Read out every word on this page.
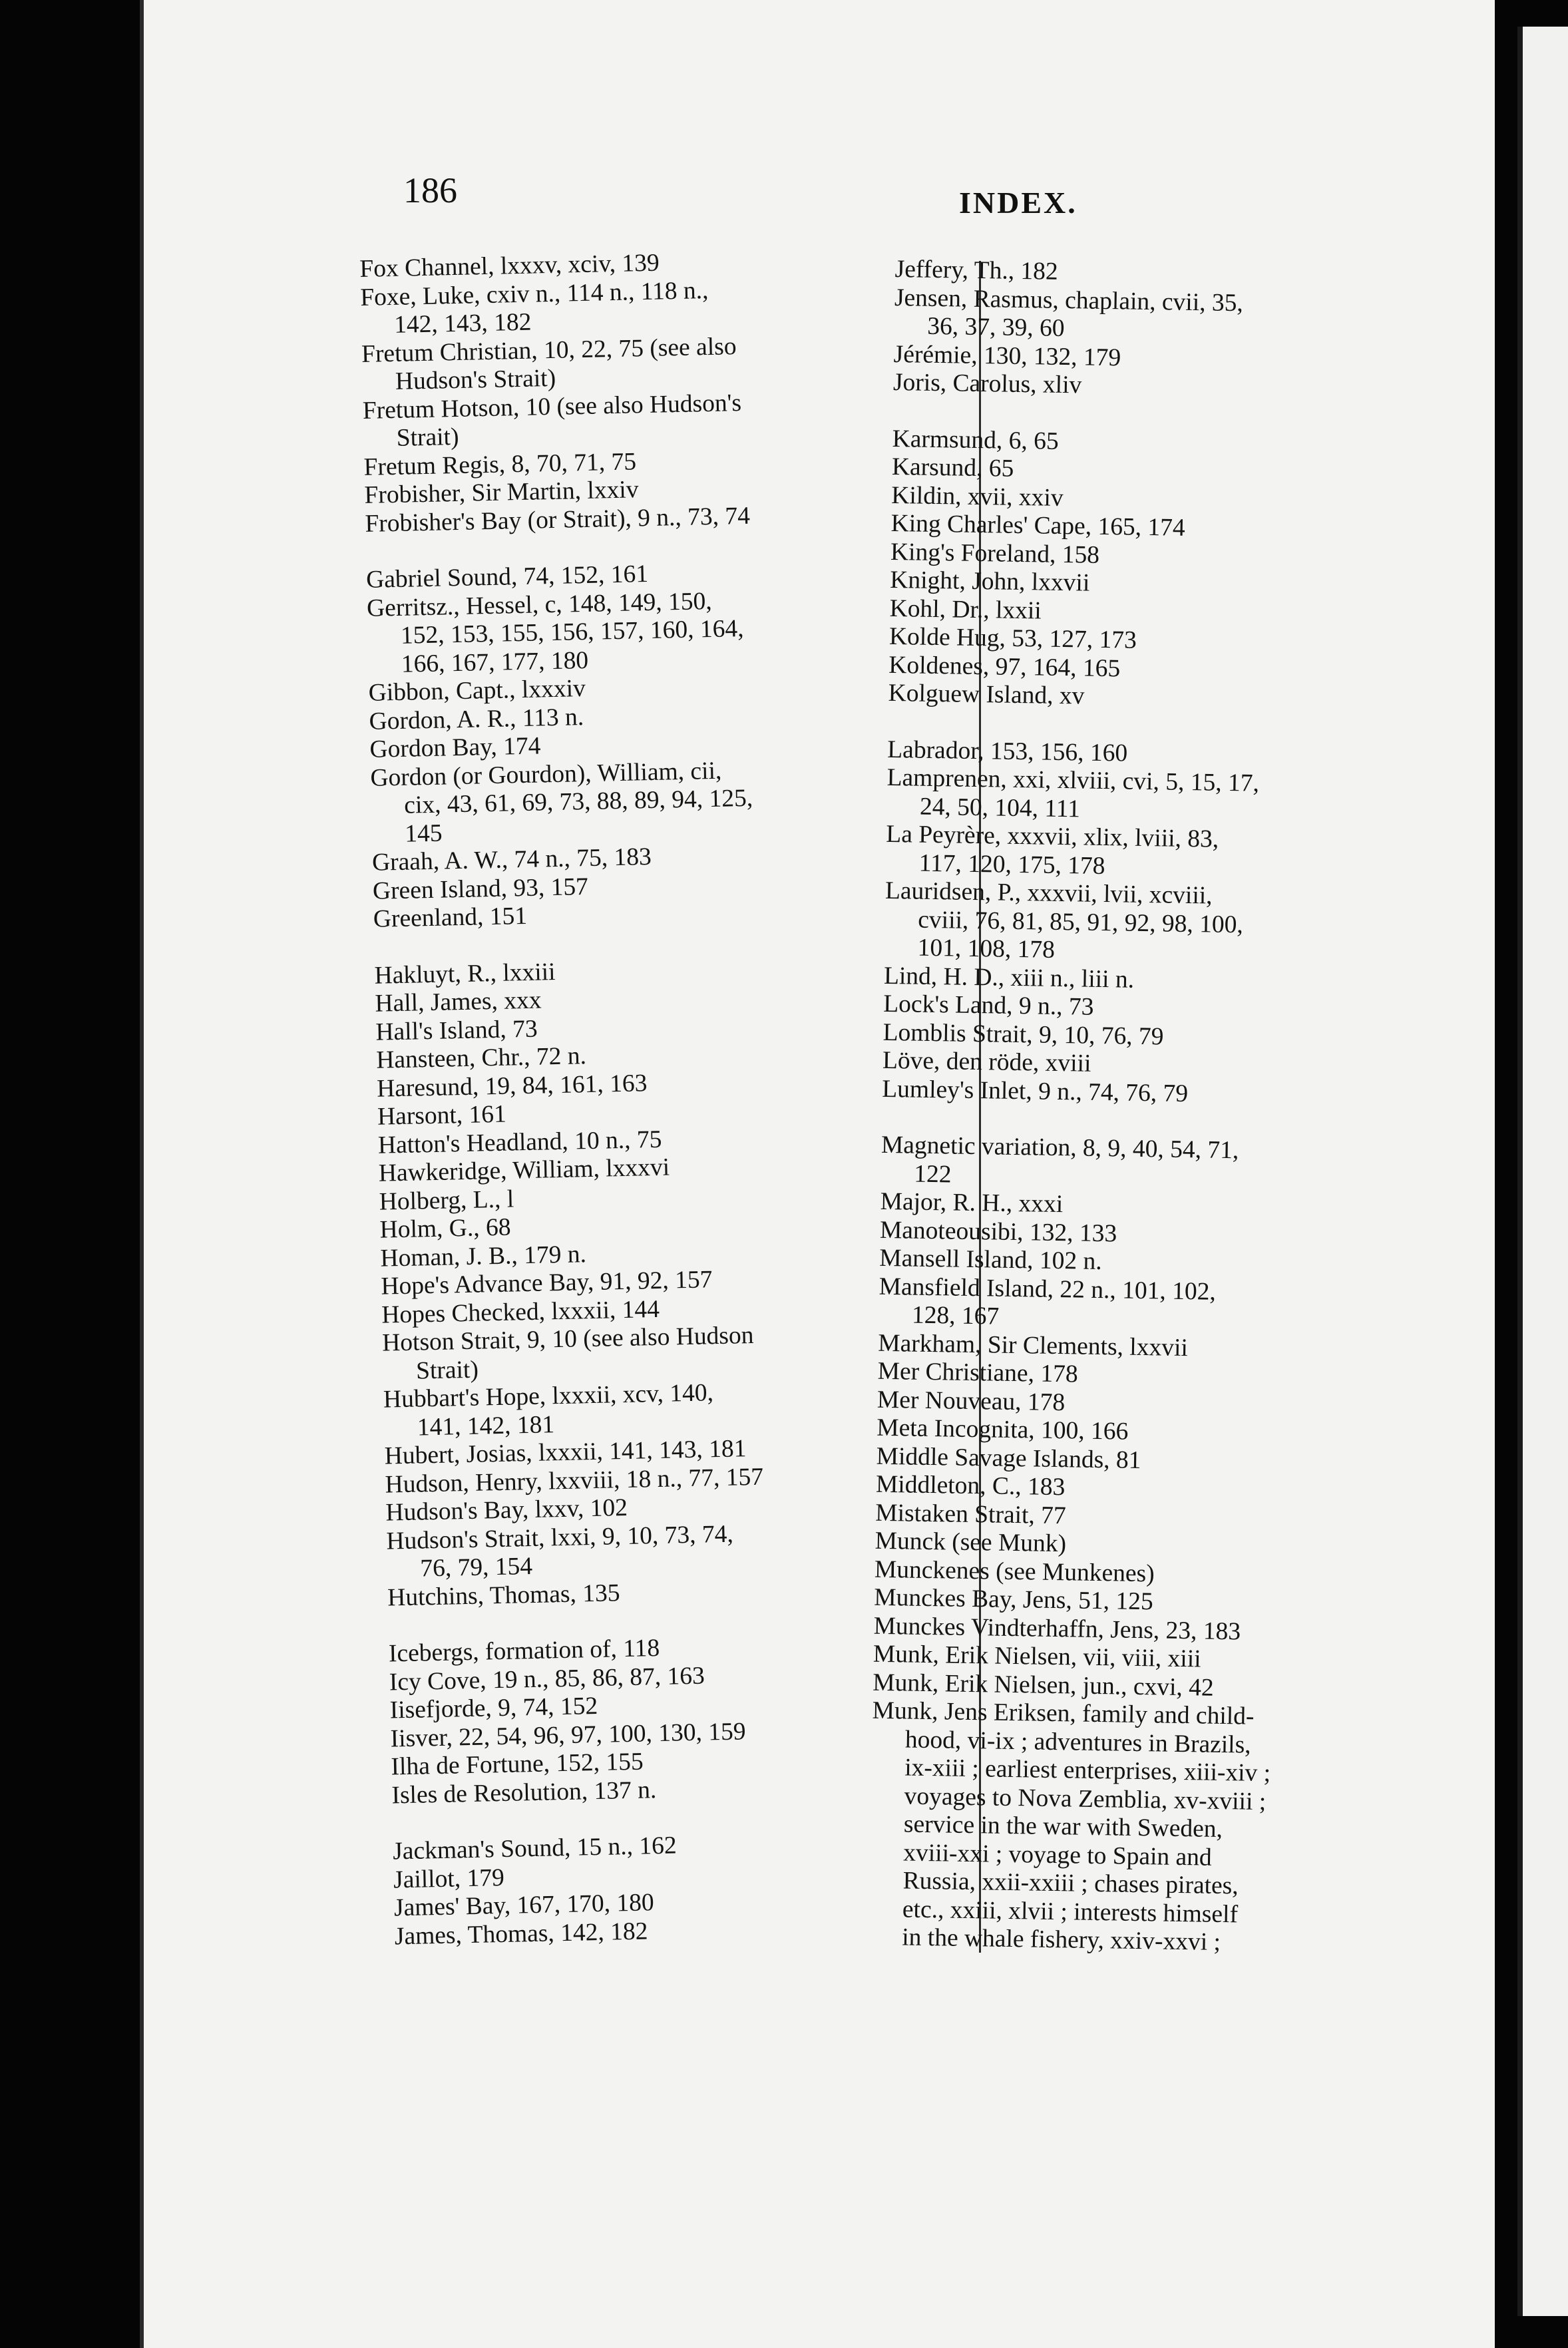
186	INDEX.
Fox Channel, lxxxv, xciv, 139
Foxe, Luke, cxiv n., 114 n., 118 n.,
142, 143, 182
Fretum Christian, 10, 22, 75 (see also
Hudson's Strait)
Fretum Hotson, 10 (see also Hudson's
Strait)
Fretum Regis, 8, 70, 71, 75
Frobisher, Sir Martin, lxxiv
Frobisher's Bay (or Strait), 9 n., 73, 74
Gabriel Sound, 74, 152, 161
Gerritsz., Hessel, c, 148, 149, 150,
152, 153, 155, 156, 157, 160, 164,
166, 167, 177, 180
Gibbon, Capt., lxxxiv
Gordon, A. R., 113 n.
Gordon Bay, 174
Gordon (or Gourdon), William, cii,
cix, 43, 61, 69, 73, 88, 89, 94, 125,
145
Graah, A. W., 74 n., 75, 183
Green Island, 93, 157
Greenland, 151
Hakluyt, R., lxxiii
Hall, James, xxx
Hall's Island, 73
Hansteen, Chr., 72 n.
Haresund, 19, 84, 161, 163
Harsont, 161
Hatton's Headland, 10 n., 75
Hawkeridge, William, lxxxvi
Holberg, L., l
Holm, G., 68
Homan, J. B., 179 n.
Hope's Advance Bay, 91, 92, 157
Hopes Checked, lxxxii, 144
Hotson Strait, 9, 10 (see also Hudson
Strait)
Hubbart's Hope, lxxxii, xcv, 140,
141, 142, 181
Hubert, Josias, lxxxii, 141, 143, 181
Hudson, Henry, lxxviii, 18 n., 77, 157
Hudson's Bay, lxxv, 102
Hudson's Strait, lxxi, 9, 10, 73, 74,
76, 79, 154
Hutchins, Thomas, 135
Icebergs, formation of, 118
Icy Cove, 19 n., 85, 86, 87, 163
Iisefjorde, 9, 74, 152
Iisver, 22, 54, 96, 97, 100, 130, 159
Ilha de Fortune, 152, 155
Isles de Resolution, 137 n.
Jackman's Sound, 15 n., 162
Jaillot, 179
James' Bay, 167, 170, 180
James, Thomas, 142, 182
Jeffery, Th., 182
Jensen, Rasmus, chaplain, cvii, 35,
36, 37, 39, 60
Jérémie, 130, 132, 179
Joris, Carolus, xliv
Karmsund, 6, 65
Karsund, 65
Kildin, xvii, xxiv
King Charles' Cape, 165, 174
King's Foreland, 158
Knight, John, lxxvii
Kohl, Dr., lxxii
Kolde Hug, 53, 127, 173
Koldenes, 97, 164, 165
Kolguew Island, xv
Labrador, 153, 156, 160
Lamprenen, xxi, xlviii, cvi, 5, 15, 17,
24, 50, 104, 111
La Peyrère, xxxvii, xlix, lviii, 83,
117, 120, 175, 178
Lauridsen, P., xxxvii, lvii, xcviii,
cviii, 76, 81, 85, 91, 92, 98, 100,
101, 108, 178
Lind, H. D., xiii n., liii n.
Lock's Land, 9 n., 73
Lomblis Strait, 9, 10, 76, 79
Löve, den röde, xviii
Lumley's Inlet, 9 n., 74, 76, 79
Magnetic variation, 8, 9, 40, 54, 71,
122
Major, R. H., xxxi
Manoteousibi, 132, 133
Mansell Island, 102 n.
Mansfield Island, 22 n., 101, 102,
128, 167
Markham, Sir Clements, lxxvii
Mer Christiane, 178
Mer Nouveau, 178
Meta Incognita, 100, 166
Middle Savage Islands, 81
Middleton, C., 183
Mistaken Strait, 77
Munck (see Munk)
Munckenes (see Munkenes)
Munckes Bay, Jens, 51, 125
Munckes Vindterhaffn, Jens, 23, 183
Munk, Erik Nielsen, vii, viii, xiii
Munk, Erik Nielsen, jun., cxvi, 42
Munk, Jens Eriksen, family and child-
hood, vi-ix ; adventures in Brazils,
ix-xiii ; earliest enterprises, xiii-xiv ;
voyages to Nova Zemblia, xv-xviii ;
service in the war with Sweden,
xviii-xxi ; voyage to Spain and
Russia, xxii-xxiii ; chases pirates,
etc., xxiii, xlvii ; interests himself
in the whale fishery, xxiv-xxvi ;
